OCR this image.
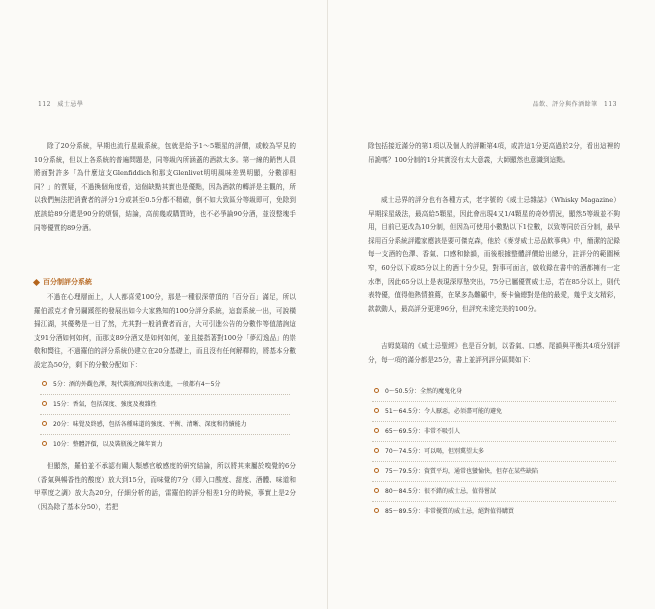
112 威士忌學

除了20分系統，早期也流行星級系統，包就是給予1～5顆星的評價，或較為罕見的10分系統，但以上各系統的普遍問題是，同等級內所涵蓋的酒款太多。第一線的銷售人員將面對許多「為什麼這支Glenfiddich和那支Glenlivet明明風味差異明顯，分數卻相同？」的質疑，不過換個角度看，這個缺點其實也是優點，因為酒款的轉評是主觀的，所以我們無法把消費者的評分1分或甚至0.5分都不精確，倒不如大致區分等級即可，免除到底該給89分還是90分的煩惱，結論，高前幾或購買時，也不必爭論90分酒，並沒整塊手同等優質的89分酒。

百分制評分系統

不過在心理層面上，人人都喜愛100分，那是一種很深帶頂的「百分百」滿足，所以羅伯派克才會另闢蹊徑的發展出如今大家熟知的100分評分系統，這套系統一出，可說橫掃江湖，其優勢是一目了然，尤其對一般消費者而言，大可引進公告的分數作等值諮詢這支91分酒如何如何，而那支89分酒又是如何如何，並且接指著對100分「夢幻逸品」的崇敬和嚮往，不過羅伯的評分系統仍建立在20分基礎上，而且沒有任何解釋的，將基本分數設定為50分，剩下的分數分配如下：

5分：酒的外觀色澤，現代裝瓶酒因技術改進，一般都有4～5分
15分：香氣，包括深度、強度及複雜性
20分：味覺及終感，包括各種味道的強度、平衡、清晰、深度和持續能力
10分：整體評價，以及裝瓶後之陳年實力

但顯然，羅伯並不承認有關人類感官敏感度的研究結論，所以將其來屬於嗅覺的6分（香氣與暢香性的酸度）放大到15分，而味覺的7分（即入口酸度、甜度、酒體、味道和甲華度之調）放大為20分，仔細分析的話，雷羅伯的評分相差1分的時候，事實上是2分（因為除了基本分50），若把

品飲、評分與作酒餘筆 113

除包括接近滿分的第1項以及個人的評斷第4項，或許這1分更高過於2分，看出這裡的吊詭嗎？100分制的1分其實沒有太大意義，大師顯然也意識到這點。

威士忌界的評分也有各種方式，老字號的《威士忌雜誌》（Whisky Magazine）早期採星級法，最高給5顆星，因此會出現4又1/4顆星的奇妙情況，顯然5等級並不夠用，目前已更改為10分制，但因為可使用小數點以下1位數，以致等同於百分制，最早採用百分系統評鑑家應該是要可傑克森，他於《麥芽威士忌品飲事典》中，簡潔的記錄每一支酒的色澤、香氣、口感和餘韻，而後根據整體評價給出總分，註評分的範圍極窄，60分以下或85分以上的酒十分少見，對事可面言，啟收錄在書中的酒都擁有一定水準，因此65分以上是表現深厚墊突出，75分已屬優質威士忌，若在85分以上，則代表特優，值得他熱情推薦，在眾多為難顧中，麥卡倫總對是他的最愛，幾乎支支精彩，款款動人，最高評分更達96分，但評究未達完美的100分。

吉姆莫瑞的《威士忌聖經》也是百分制，以香氣、口感、尾韻與平衡共4項分別評分，每一項的滿分都是25分，書上並評列評分區間如下：

0～50.5分：全然的魔鬼化身
51～64.5分：令人厭惡，必須盡可能的避免
65～69.5分：非常不吸引人
70～74.5分：可以喝，但別冀望太多
75～79.5分：資質平均，通常也蠻愉快，但存在某些缺陷
80～84.5分：很不錯的威士忌，值得嘗試
85～89.5分：非常優質的威士忌，絕對值得購買
